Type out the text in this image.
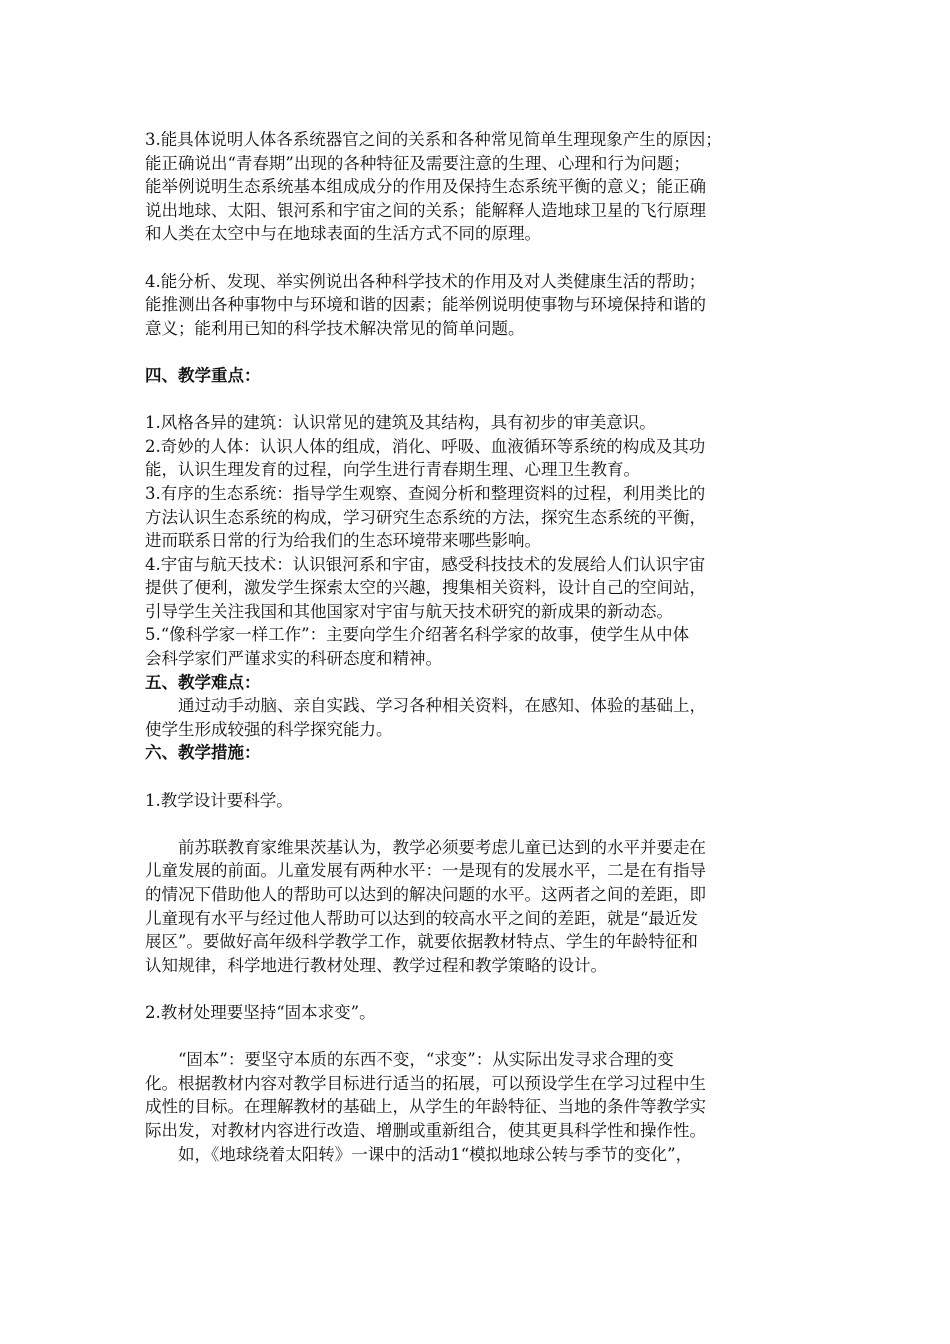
3.能具体说明人体各系统器官之间的关系和各种常见简单生理现象产生的原因；
能正确说出“青春期”出现的各种特征及需要注意的生理、心理和行为问题；
能举例说明生态系统基本组成成分的作用及保持生态系统平衡的意义；能正确
说出地球、太阳、银河系和宇宙之间的关系；能解释人造地球卫星的飞行原理
和人类在太空中与在地球表面的生活方式不同的原理。
4.能分析、发现、举实例说出各种科学技术的作用及对人类健康生活的帮助；
能推测出各种事物中与环境和谐的因素；能举例说明使事物与环境保持和谐的
意义；能利用已知的科学技术解决常见的简单问题。
四、教学重点：
1.风格各异的建筑：认识常见的建筑及其结构，具有初步的审美意识。
2.奇妙的人体：认识人体的组成，消化、呼吸、血液循环等系统的构成及其功
能，认识生理发育的过程，向学生进行青春期生理、心理卫生教育。
3.有序的生态系统：指导学生观察、查阅分析和整理资料的过程，利用类比的
方法认识生态系统的构成，学习研究生态系统的方法，探究生态系统的平衡，
进而联系日常的行为给我们的生态环境带来哪些影响。
4.宇宙与航天技术：认识银河系和宇宙，感受科技技术的发展给人们认识宇宙
提供了便利，激发学生探索太空的兴趣，搜集相关资料，设计自己的空间站，
引导学生关注我国和其他国家对宇宙与航天技术研究的新成果的新动态。
5.“像科学家一样工作”：主要向学生介绍著名科学家的故事，使学生从中体
会科学家们严谨求实的科研态度和精神。
五、教学难点：
通过动手动脑、亲自实践、学习各种相关资料，在感知、体验的基础上，
使学生形成较强的科学探究能力。
六、教学措施：
1.教学设计要科学。
前苏联教育家维果茨基认为，教学必须要考虑儿童已达到的水平并要走在
儿童发展的前面。儿童发展有两种水平：一是现有的发展水平，二是在有指导
的情况下借助他人的帮助可以达到的解决问题的水平。这两者之间的差距，即
儿童现有水平与经过他人帮助可以达到的较高水平之间的差距，就是“最近发
展区”。要做好高年级科学教学工作，就要依据教材特点、学生的年龄特征和
认知规律，科学地进行教材处理、教学过程和教学策略的设计。
2.教材处理要坚持“固本求变”。
“固本”：要坚守本质的东西不变，“求变”：从实际出发寻求合理的变
化。根据教材内容对教学目标进行适当的拓展，可以预设学生在学习过程中生
成性的目标。在理解教材的基础上，从学生的年龄特征、当地的条件等教学实
际出发，对教材内容进行改造、增删或重新组合，使其更具科学性和操作性。
如，《地球绕着太阳转》一课中的活动1“模拟地球公转与季节的变化”，
